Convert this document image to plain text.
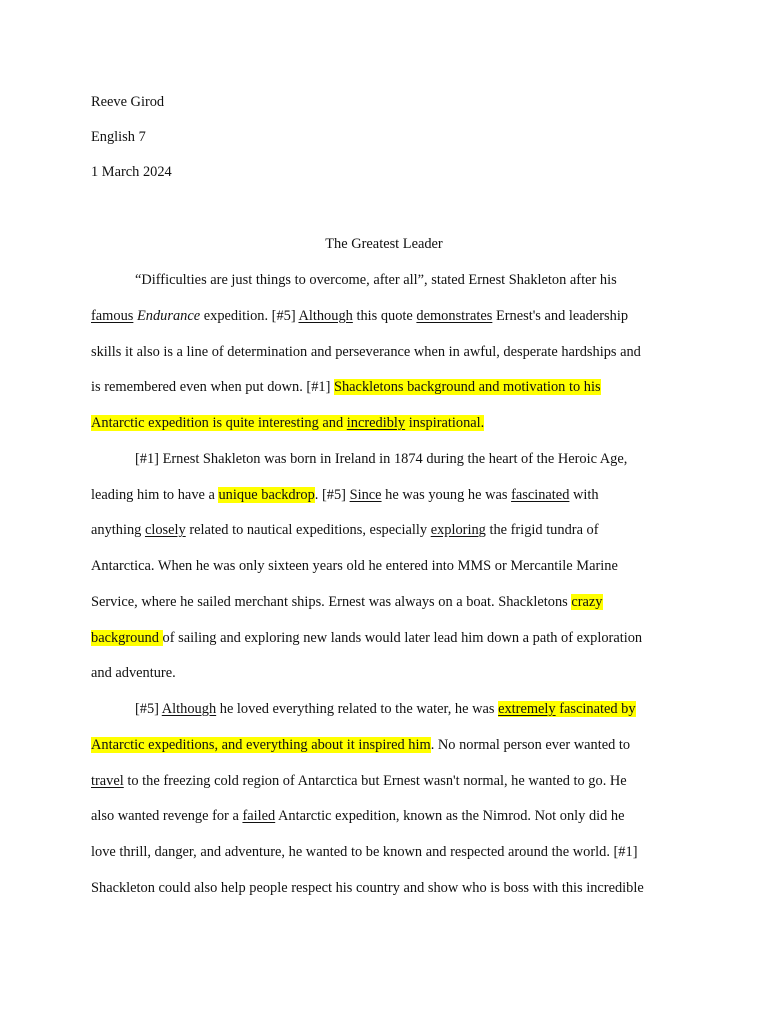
Reeve Girod
English 7
1 March 2024
The Greatest Leader
“Difficulties are just things to overcome, after all”, stated Ernest Shakleton after his
famous Endurance expedition. [#5] Although this quote demonstrates Ernest's and leadership
skills it also is a line of determination and perseverance when in awful, desperate hardships and
is remembered even when put down. [#1] Shackletons background and motivation to his
Antarctic expedition is quite interesting and incredibly inspirational.
[#1] Ernest Shakleton was born in Ireland in 1874 during the heart of the Heroic Age,
leading him to have a unique backdrop. [#5] Since he was young he was fascinated with
anything closely related to nautical expeditions, especially exploring the frigid tundra of
Antarctica. When he was only sixteen years old he entered into MMS or Mercantile Marine
Service, where he sailed merchant ships. Ernest was always on a boat. Shackletons crazy
background of sailing and exploring new lands would later lead him down a path of exploration
and adventure.
[#5] Although he loved everything related to the water, he was extremely fascinated by
Antarctic expeditions, and everything about it inspired him. No normal person ever wanted to
travel to the freezing cold region of Antarctica but Ernest wasn't normal, he wanted to go. He
also wanted revenge for a failed Antarctic expedition, known as the Nimrod. Not only did he
love thrill, danger, and adventure, he wanted to be known and respected around the world. [#1]
Shackleton could also help people respect his country and show who is boss with this incredible
